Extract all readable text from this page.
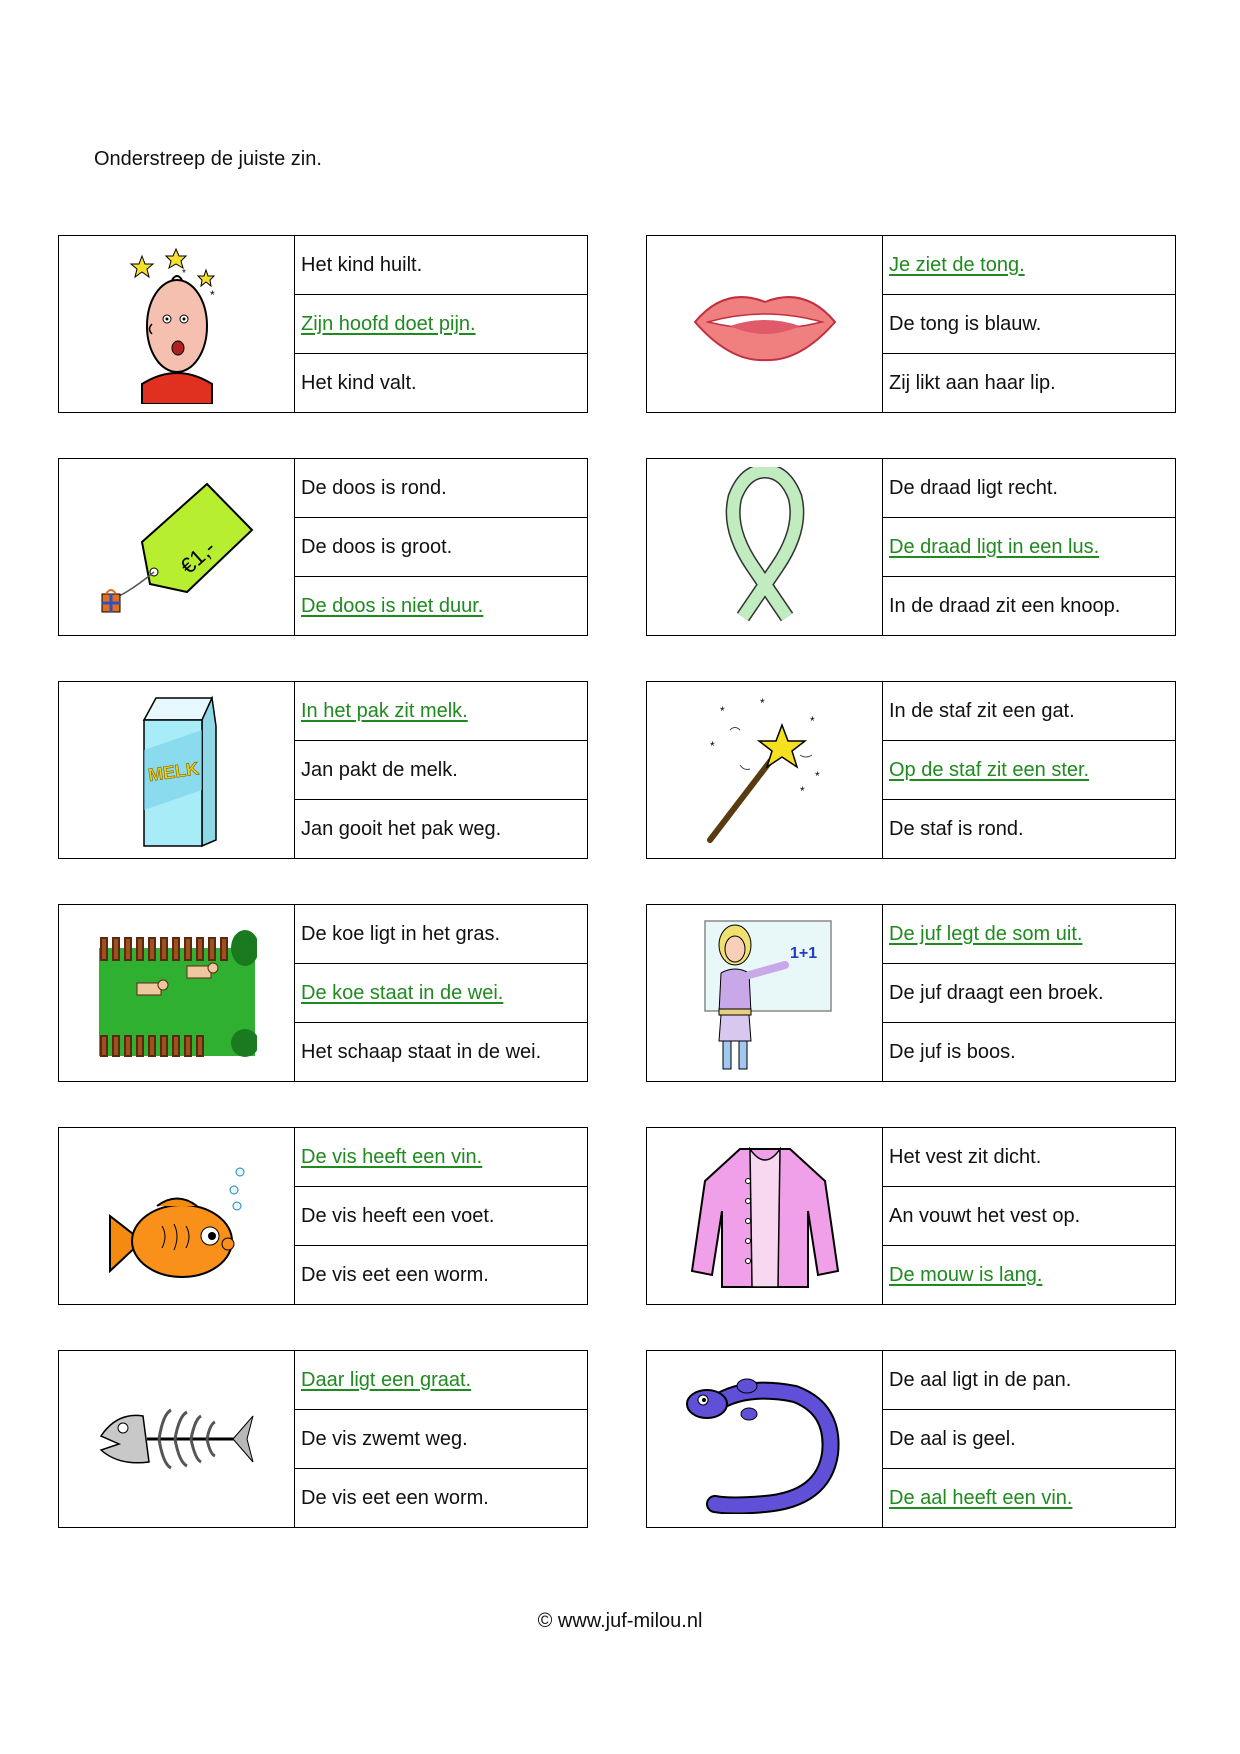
Onderstreep de juiste zin.
*
*
Het kind huilt.
Zijn hoofd doet pijn.
Het kind valt.
Je ziet de tong.
De tong is blauw.
Zij likt aan haar lip.
€1,-
De doos is rond.
De doos is groot.
De doos is niet duur.
De draad ligt recht.
De draad ligt in een lus.
In de draad zit een knoop.
MELK
In het pak zit melk.
Jan pakt de melk.
Jan gooit het pak weg.
*
*
*
*
*
*
In de staf zit een gat.
Op de staf zit een ster.
De staf is rond.
De koe ligt in het gras.
De koe staat in de wei.
Het schaap staat in de wei.
1+1
De juf legt de som uit.
De juf draagt een broek.
De juf is boos.
De vis heeft een vin.
De vis heeft een voet.
De vis eet een worm.
Het vest zit dicht.
An vouwt het vest op.
De mouw is lang.
Daar ligt een graat.
De vis zwemt weg.
De vis eet een worm.
De aal ligt in de pan.
De aal is geel.
De aal heeft een vin.
© www.juf-milou.nl
